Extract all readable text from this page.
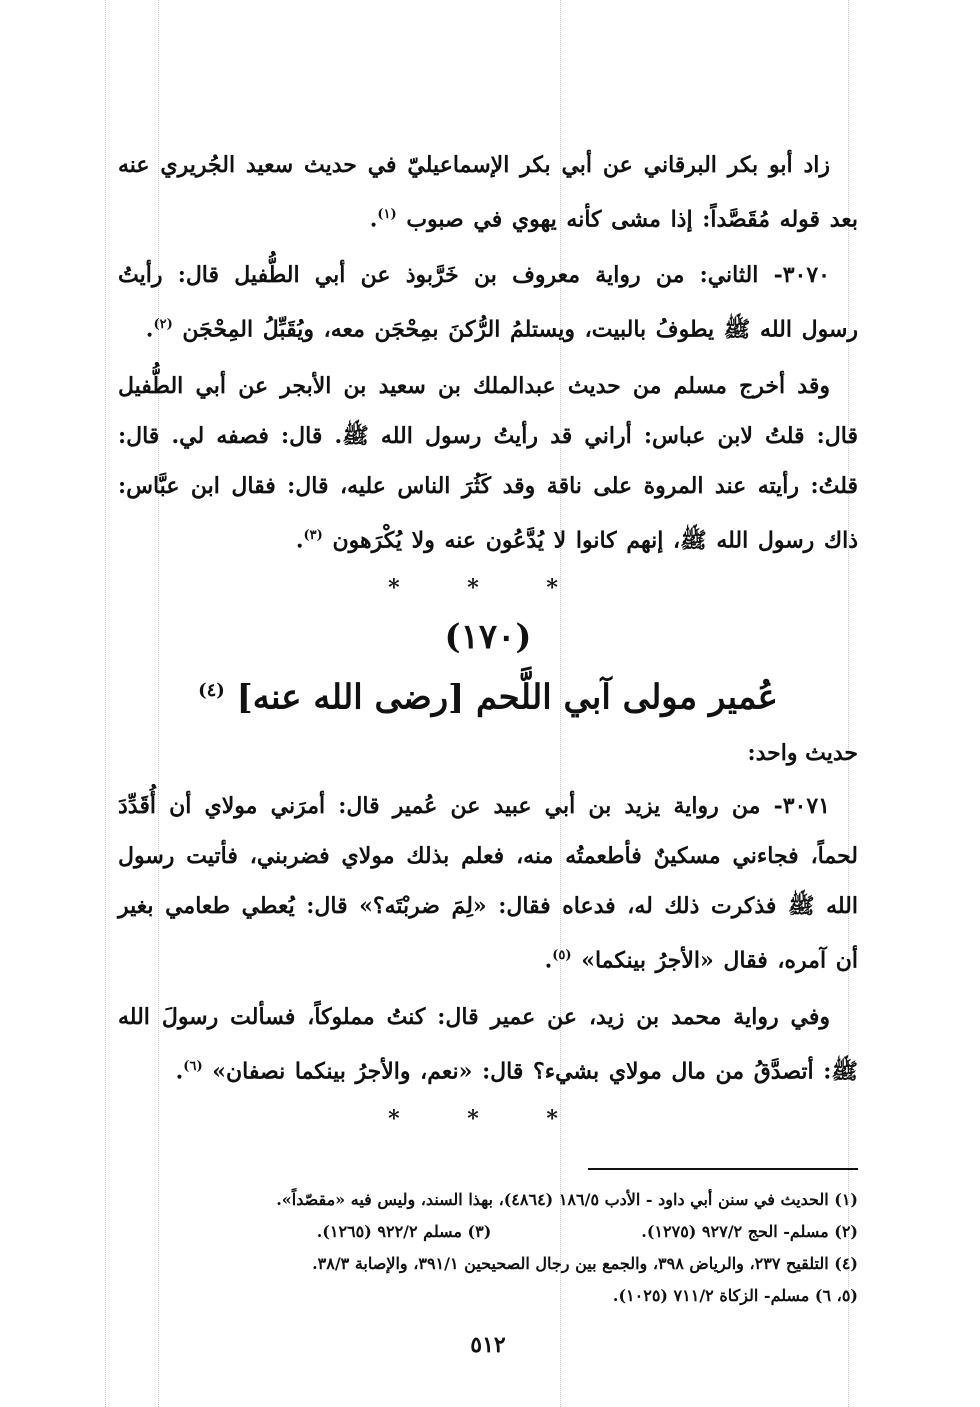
زاد أبو بكر البرقاني عن أبي بكر الإسماعيليّ في حديث سعيد الجُريري عنه بعد قوله مُقَصَّداً: إذا مشى كأنه يهوي في صبوب $^{(١)}$.

٣٠٧٠- الثاني: من رواية معروف بن خَرَّبوذ عن أبي الطُّفيل قال: رأيتُ رسول الله ﷺ يطوفُ بالبيت، ويستلمُ الرُّكنَ بمِحْجَن معه، ويُقَبِّلُ المِحْجَن $^{(٢)}$.

وقد أخرج مسلم من حديث عبدالملك بن سعيد بن الأبجر عن أبي الطُّفيل قال: قلتُ لابن عباس: أراني قد رأيتُ رسول الله ﷺ. قال: فصفه لي. قال: قلتُ: رأيته عند المروة على ناقة وقد كَثُرَ الناس عليه، قال: فقال ابن عبَّاس: ذاك رسول الله ﷺ، إنهم كانوا لا يُدَّعُون عنه ولا يُكْرَهون $^{(٣)}$.

* * *
(١٧٠)
عُمير مولى آبي اللَّحم [رضى الله عنه] $^{(٤)}$
حديث واحد:

٣٠٧١- من رواية يزيد بن أبي عبيد عن عُمير قال: أمرَني مولاي أن أُقَدِّدَ لحماً، فجاءني مسكينٌ فأطعمتُه منه، فعلم بذلك مولاي فضربني، فأتيت رسول الله ﷺ فذكرت ذلك له، فدعاه فقال: «لِمَ ضربْتَه؟» قال: يُعطي طعامي بغير أن آمره، فقال «الأجرُ بينكما» $^{(٥)}$.

وفي رواية محمد بن زيد، عن عمير قال: كنتُ مملوكاً، فسألت رسولَ الله ﷺ: أتصدَّقُ من مال مولاي بشيء؟ قال: «نعم، والأجرُ بينكما نصفان» $^{(٦)}$.

* * *

(١) الحديث في سنن أبي داود - الأدب ١٨٦/٥ (٤٨٦٤)، بهذا السند، وليس فيه «مقصّداً».

(٢) مسلم- الحج ٩٢٧/٢ (١٢٧٥).
(٣) مسلم ٩٢٢/٢ (١٢٦٥).

(٤) التلقيح ٢٣٧، والرياض ٣٩٨، والجمع بين رجال الصحيحين ٣٩١/١، والإصابة ٣٨/٣.

(٥، ٦) مسلم- الزكاة ٧١١/٢ (١٠٢٥).

٥١٢
